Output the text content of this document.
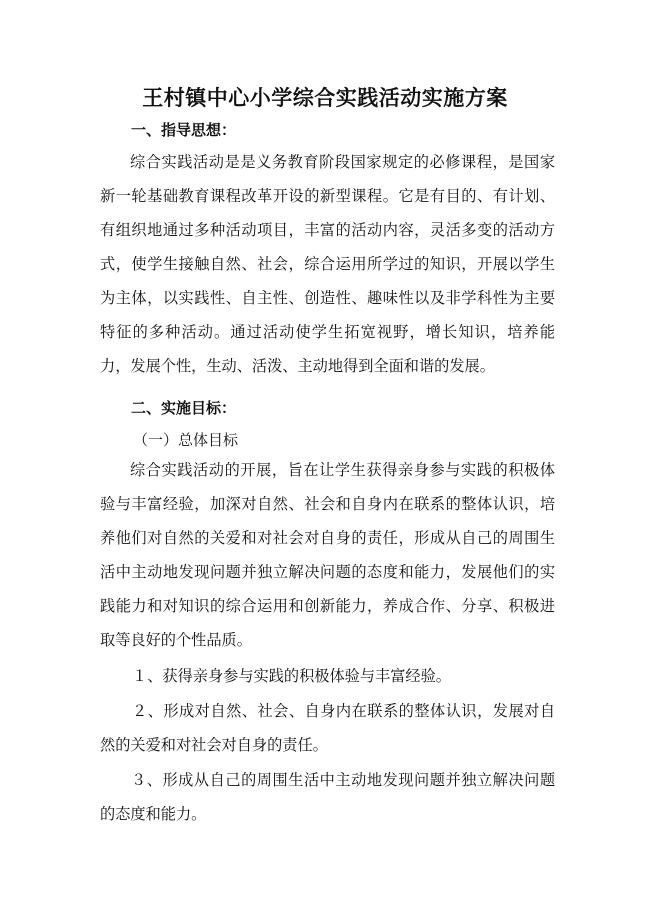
王村镇中心小学综合实践活动实施方案
一、指导思想：

综合实践活动是是义务教育阶段国家规定的必修课程，是国家新一轮基础教育课程改革开设的新型课程。它是有目的、有计划、有组织地通过多种活动项目，丰富的活动内容，灵活多变的活动方式，使学生接触自然、社会，综合运用所学过的知识，开展以学生为主体，以实践性、自主性、创造性、趣味性以及非学科性为主要特征的多种活动。通过活动使学生拓宽视野，增长知识，培养能力，发展个性，生动、活泼、主动地得到全面和谐的发展。

二、实施目标：
（一）总体目标

综合实践活动的开展，旨在让学生获得亲身参与实践的积极体验与丰富经验，加深对自然、社会和自身内在联系的整体认识，培养他们对自然的关爱和对社会对自身的责任，形成从自己的周围生活中主动地发现问题并独立解决问题的态度和能力，发展他们的实践能力和对知识的综合运用和创新能力，养成合作、分享、积极进取等良好的个性品质。

１、获得亲身参与实践的积极体验与丰富经验。

２、形成对自然、社会、自身内在联系的整体认识，发展对自然的关爱和对社会对自身的责任。

３、形成从自己的周围生活中主动地发现问题并独立解决问题的态度和能力。
